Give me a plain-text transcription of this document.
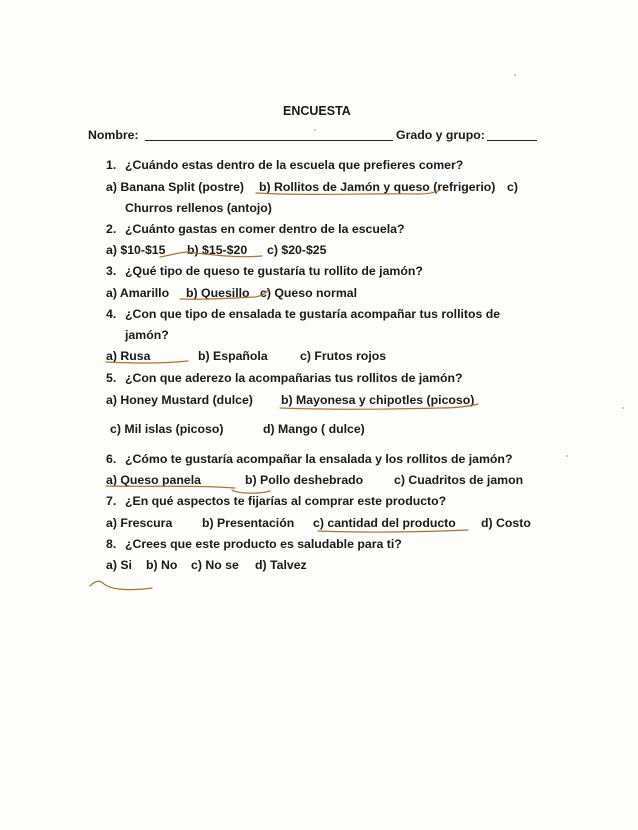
ENCUESTA
Nombre:	Grado y grupo:
1. ¿Cuándo estas dentro de la escuela que prefieres comer?
a) Banana Split (postre) b) Rollitos de Jamón y queso (refrigerio) c)
Churros rellenos (antojo)
2. ¿Cuánto gastas en comer dentro de la escuela?
a) $10-$15 b) $15-$20 c) $20-$25
3. ¿Qué tipo de queso te gustaría tu rollito de jamón?
a) Amarillo b) Quesillo c) Queso normal
4. ¿Con que tipo de ensalada te gustaría acompañar tus rollitos de
jamón?
a) Rusa	b) Española	c) Frutos rojos
5. ¿Con que aderezo la acompañarias tus rollitos de jamón?
a) Honey Mustard (dulce) b) Mayonesa y chipotles (picoso)
c) Mil islas (picoso)	d) Mango ( dulce)
6. ¿Cómo te gustaría acompañar la ensalada y los rollitos de jamón?
a) Queso panela	b) Pollo deshebrado	c) Cuadritos de jamon
7. ¿En qué aspectos te fijarías al comprar este producto?
a) Frescura b) Presentación c) cantidad del producto d) Costo
8. ¿Crees que este producto es saludable para ti?
a) Si b) No c) No se d) Talvez
